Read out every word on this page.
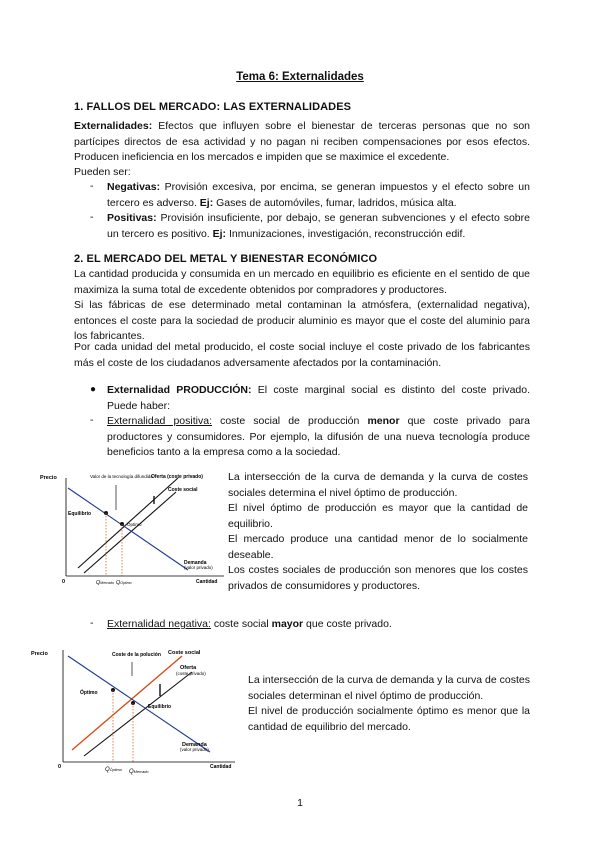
Tema 6: Externalidades
1. FALLOS DEL MERCADO: LAS EXTERNALIDADES
Externalidades: Efectos que influyen sobre el bienestar de terceras personas que no son partícipes directos de esa actividad y no pagan ni reciben compensaciones por esos efectos. Producen ineficiencia en los mercados e impiden que se maximice el excedente.
Pueden ser:
- Negativas: Provisión excesiva, por encima, se generan impuestos y el efecto sobre un tercero es adverso. Ej: Gases de automóviles, fumar, ladridos, música alta.
- Positivas: Provisión insuficiente, por debajo, se generan subvenciones y el efecto sobre un tercero es positivo. Ej: Inmunizaciones, investigación, reconstrucción edif.
2. EL MERCADO DEL METAL Y BIENESTAR ECONÓMICO
La cantidad producida y consumida en un mercado en equilibrio es eficiente en el sentido de que maximiza la suma total de excedente obtenidos por compradores y productores.
Si las fábricas de ese determinado metal contaminan la atmósfera, (externalidad negativa), entonces el coste para la sociedad de producir aluminio es mayor que el coste del aluminio para los fabricantes.
Por cada unidad del metal producido, el coste social incluye el coste privado de los fabricantes más el coste de los ciudadanos adversamente afectados por la contaminación.
● Externalidad PRODUCCIÓN: El coste marginal social es distinto del coste privado. Puede haber:
- Externalidad positiva: coste social de producción menor que coste privado para productores y consumidores. Por ejemplo, la difusión de una nueva tecnología produce beneficios tanto a la empresa como a la sociedad.
Precio	Valor de la tecnología difundida
0	Cantidad
Oferta (coste privado)
Coste social
Demanda
(valor privado)
Equilibrio
Óptimo
QMercado QÓptimo
La intersección de la curva de demanda y la curva de costes sociales determina el nivel óptimo de producción.
El nivel óptimo de producción es mayor que la cantidad de equilibrio.
El mercado produce una cantidad menor de lo socialmente deseable.
Los costes sociales de producción son menores que los costes privados de consumidores y productores.
- Externalidad negativa: coste social mayor que coste privado.
Precio
0	Cantidad
Coste de la polución Coste social
Oferta
(coste privado)
Demanda
(valor privado)
Óptimo
Equilibrio
QÓptimo QMercado
La intersección de la curva de demanda y la curva de costes sociales determinan el nivel óptimo de producción.
El nivel de producción socialmente óptimo es menor que la cantidad de equilibrio del mercado.
1
